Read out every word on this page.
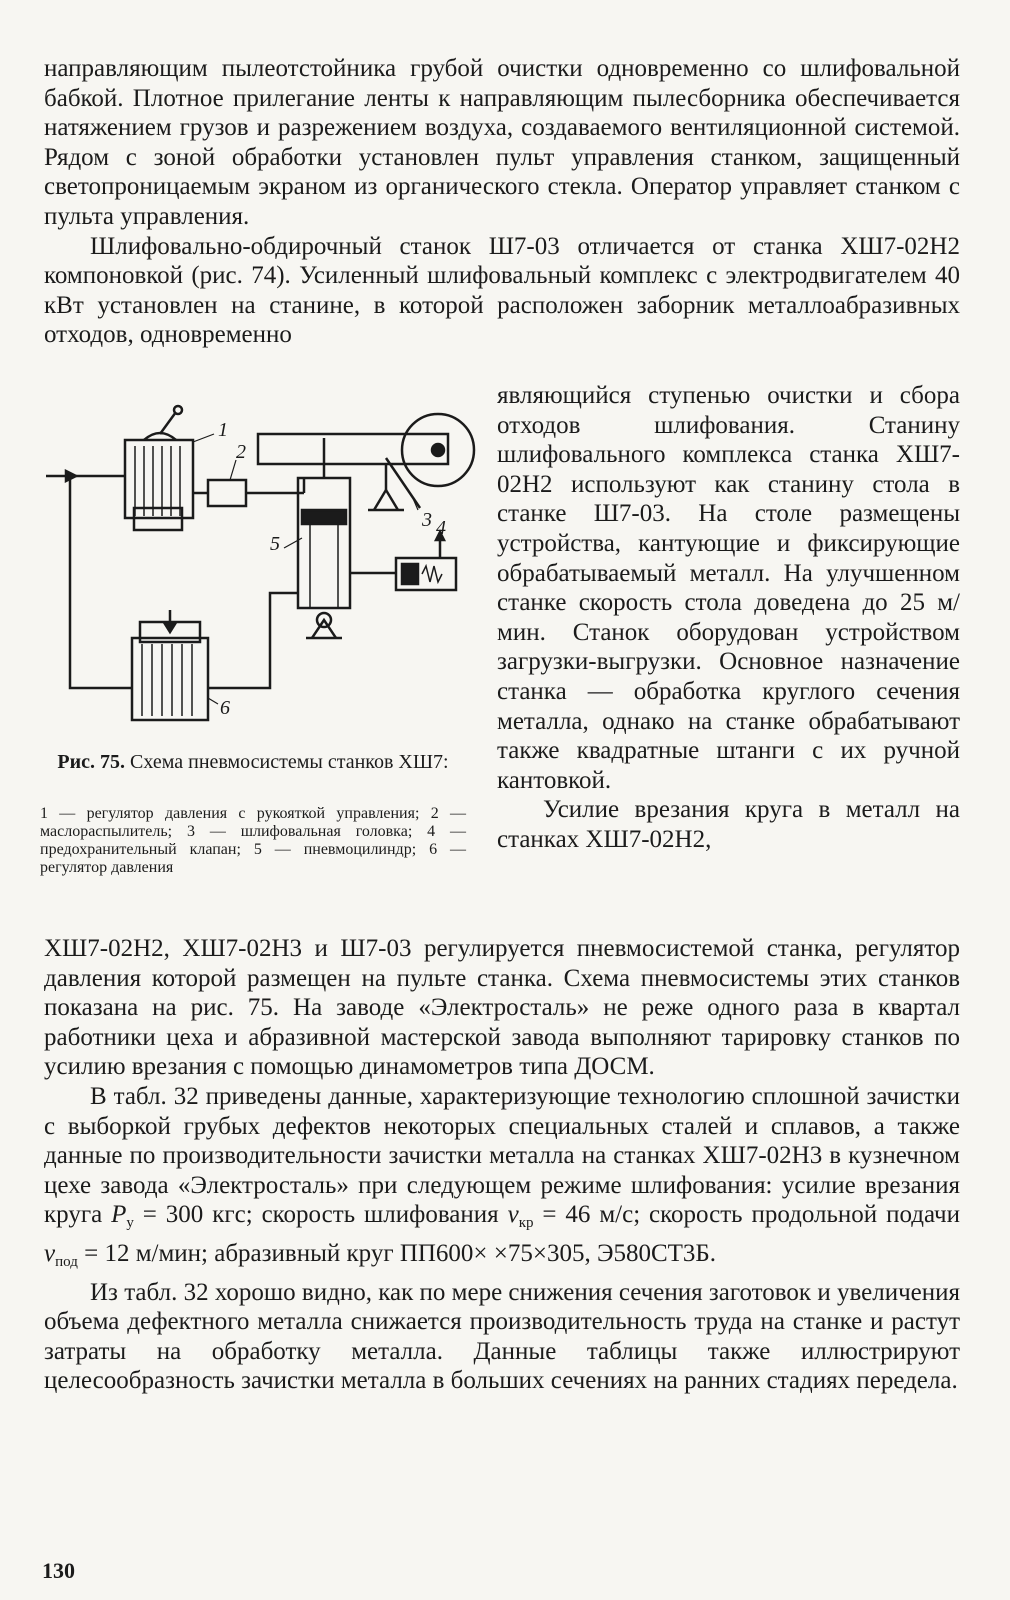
направляющим пылеотстойника грубой очистки одновременно со шлифовальной бабкой. Плотное прилегание ленты к направляющим пылесборника обеспечивается натяжением грузов и разрежением воздуха, создаваемого вентиляционной системой. Рядом с зоной обработки установлен пульт управления станком, защищенный светопроницаемым экраном из органического стекла. Оператор управляет станком с пульта управления.

Шлифовально-обдирочный станок Ш7-03 отличается от станка ХШ7-02Н2 компоновкой (рис. 74). Усиленный шлифовальный комплекс с электродвигателем 40 кВт установлен на станине, в которой расположен заборник металлоабразивных отходов, одновременно

1
2
3 4
5
6
Рис. 75. Схема пневмосистемы станков ХШ7:
1 — регулятор давления с рукояткой управления; 2 — маслораспылитель; 3 — шлифовальная головка; 4 — предохранительный клапан; 5 — пневмоцилиндр; 6 — регулятор давления

являющийся ступенью очистки и сбора отходов шлифования. Станину шлифовального комплекса станка ХШ7-02Н2 используют как станину стола в станке Ш7-03. На столе размещены устройства, кантующие и фиксирующие обрабатываемый металл. На улучшенном станке скорость стола доведена до 25 м/мин. Станок оборудован устройством загрузки-выгрузки. Основное назначение станка — обработка круглого сечения металла, однако на станке обрабатывают также квадратные штанги с их ручной кантовкой.

Усилие врезания круга в металл на станках ХШ7-02Н2,

ХШ7-02Н2, ХШ7-02Н3 и Ш7-03 регулируется пневмосистемой станка, регулятор давления которой размещен на пульте станка. Схема пневмосистемы этих станков показана на рис. 75. На заводе «Электросталь» не реже одного раза в квартал работники цеха и абразивной мастерской завода выполняют тарировку станков по усилию врезания с помощью динамометров типа ДОСМ.

В табл. 32 приведены данные, характеризующие технологию сплошной зачистки с выборкой грубых дефектов некоторых специальных сталей и сплавов, а также данные по производительности зачистки металла на станках ХШ7-02Н3 в кузнечном цехе завода «Электросталь» при следующем режиме шлифования: усилие врезания круга $P_у = 300$ кгс; скорость шлифования $v_{кр} = 46$ м/с; скорость продольной подачи $v_{под} = 12$ м/мин; абразивный круг ПП600× ×75×305, Э580СТ3Б.

Из табл. 32 хорошо видно, как по мере снижения сечения заготовок и увеличения объема дефектного металла снижается производительность труда на станке и растут затраты на обработку металла. Данные таблицы также иллюстрируют целесообразность зачистки металла в больших сечениях на ранних стадиях передела.

130
